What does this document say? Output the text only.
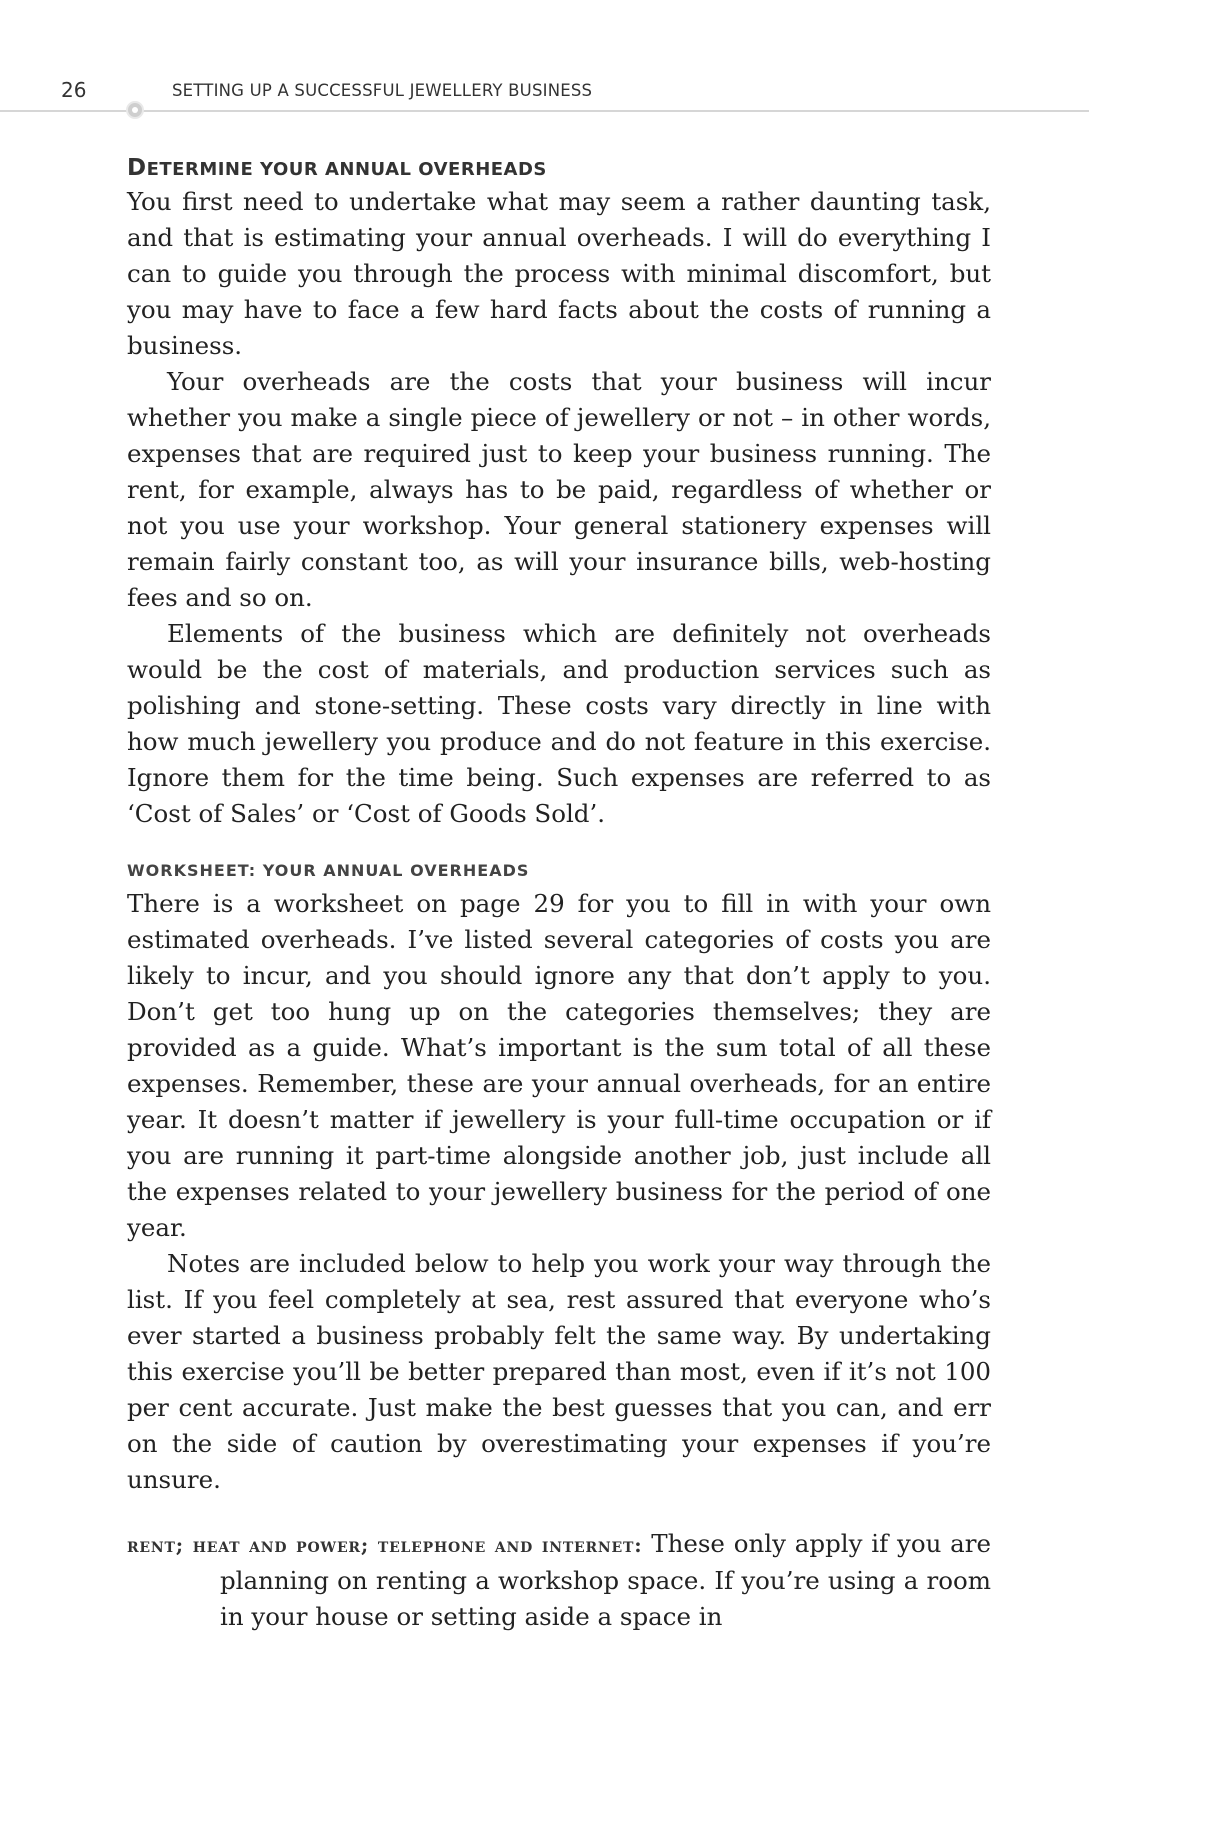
26	SETTING UP A SUCCESSFUL JEWELLERY BUSINESS
DETERMINE YOUR ANNUAL OVERHEADS

You first need to undertake what may seem a rather daunting task, and that is estimating your annual overheads. I will do everything I can to guide you through the process with minimal discomfort, but you may have to face a few hard facts about the costs of running a business.

Your overheads are the costs that your business will incur whether you make a single piece of jewellery or not – in other words, expenses that are required just to keep your business running. The rent, for example, always has to be paid, regardless of whether or not you use your workshop. Your general stationery expenses will remain fairly constant too, as will your insurance bills, web-hosting fees and so on.

Elements of the business which are definitely not overheads would be the cost of materials, and production services such as polishing and stone-setting. These costs vary directly in line with how much jewellery you produce and do not feature in this exercise. Ignore them for the time being. Such expenses are referred to as ‘Cost of Sales’ or ‘Cost of Goods Sold’.

WORKSHEET: YOUR ANNUAL OVERHEADS

There is a worksheet on page 29 for you to fill in with your own estimated overheads. I’ve listed several categories of costs you are likely to incur, and you should ignore any that don’t apply to you. Don’t get too hung up on the categories themselves; they are provided as a guide. What’s important is the sum total of all these expenses. Remember, these are your annual overheads, for an entire year. It doesn’t matter if jewellery is your full-time occupation or if you are running it part-time alongside another job, just include all the expenses related to your jewellery business for the period of one year.

Notes are included below to help you work your way through the list. If you feel completely at sea, rest assured that everyone who’s ever started a business probably felt the same way. By undertaking this exercise you’ll be better prepared than most, even if it’s not 100 per cent accurate. Just make the best guesses that you can, and err on the side of caution by overestimating your expenses if you’re unsure.

rent; heat and power; telephone and internet: These only apply if you are planning on renting a workshop space. If you’re using a room in your house or setting aside a space in
